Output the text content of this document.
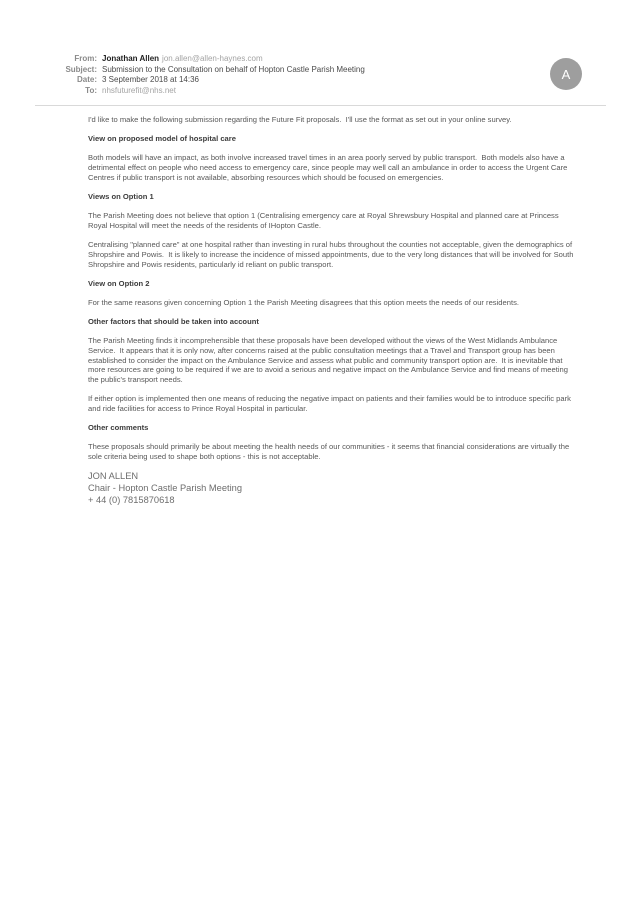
From: Jonathan Allen jon.allen@allen-haynes.com
Subject: Submission to the Consultation on behalf of Hopton Castle Parish Meeting
Date: 3 September 2018 at 14:36
To: nhsfuturefit@nhs.net
A
I'd like to make the following submission regarding the Future Fit proposals.  I'll use the format as set out in your online survey.
View on proposed model of hospital care
Both models will have an impact, as both involve increased travel times in an area poorly served by public transport.  Both models also have a detrimental effect on people who need access to emergency care, since people may well call an ambulance in order to access the Urgent Care Centres if public transport is not available, absorbing resources which should be focused on emergencies.
Views on Option 1
The Parish Meeting does not believe that option 1 (Centralising emergency care at Royal Shrewsbury Hospital and planned care at Princess Royal Hospital will meet the needs of the residents of IHopton Castle.
Centralising "planned care" at one hospital rather than investing in rural hubs throughout the counties not acceptable, given the demographics of Shropshire and Powis.  It is likely to increase the incidence of missed appointments, due to the very long distances that will be involved for South Shropshire and Powis residents, particularly id reliant on public transport.
View on Option 2
For the same reasons given concerning Option 1 the Parish Meeting disagrees that this option meets the needs of our residents.
Other factors that should be taken into account
The Parish Meeting finds it incomprehensible that these proposals have been developed without the views of the West Midlands Ambulance Service.  It appears that it is only now, after concerns raised at the public consultation meetings that a Travel and Transport group has been established to consider the impact on the Ambulance Service and assess what public and community transport option are.  It is inevitable that more resources are going to be required if we are to avoid a serious and negative impact on the Ambulance Service and find means of meeting the public's transport needs.
If either option is implemented then one means of reducing the negative impact on patients and their families would be to introduce specific park and ride facilities for access to Prince Royal Hospital in particular.
Other comments
These proposals should primarily be about meeting the health needs of our communities - it seems that financial considerations are virtually the sole criteria being used to shape both options - this is not acceptable.
JON ALLEN
Chair - Hopton Castle Parish Meeting
+ 44 (0) 7815870618
